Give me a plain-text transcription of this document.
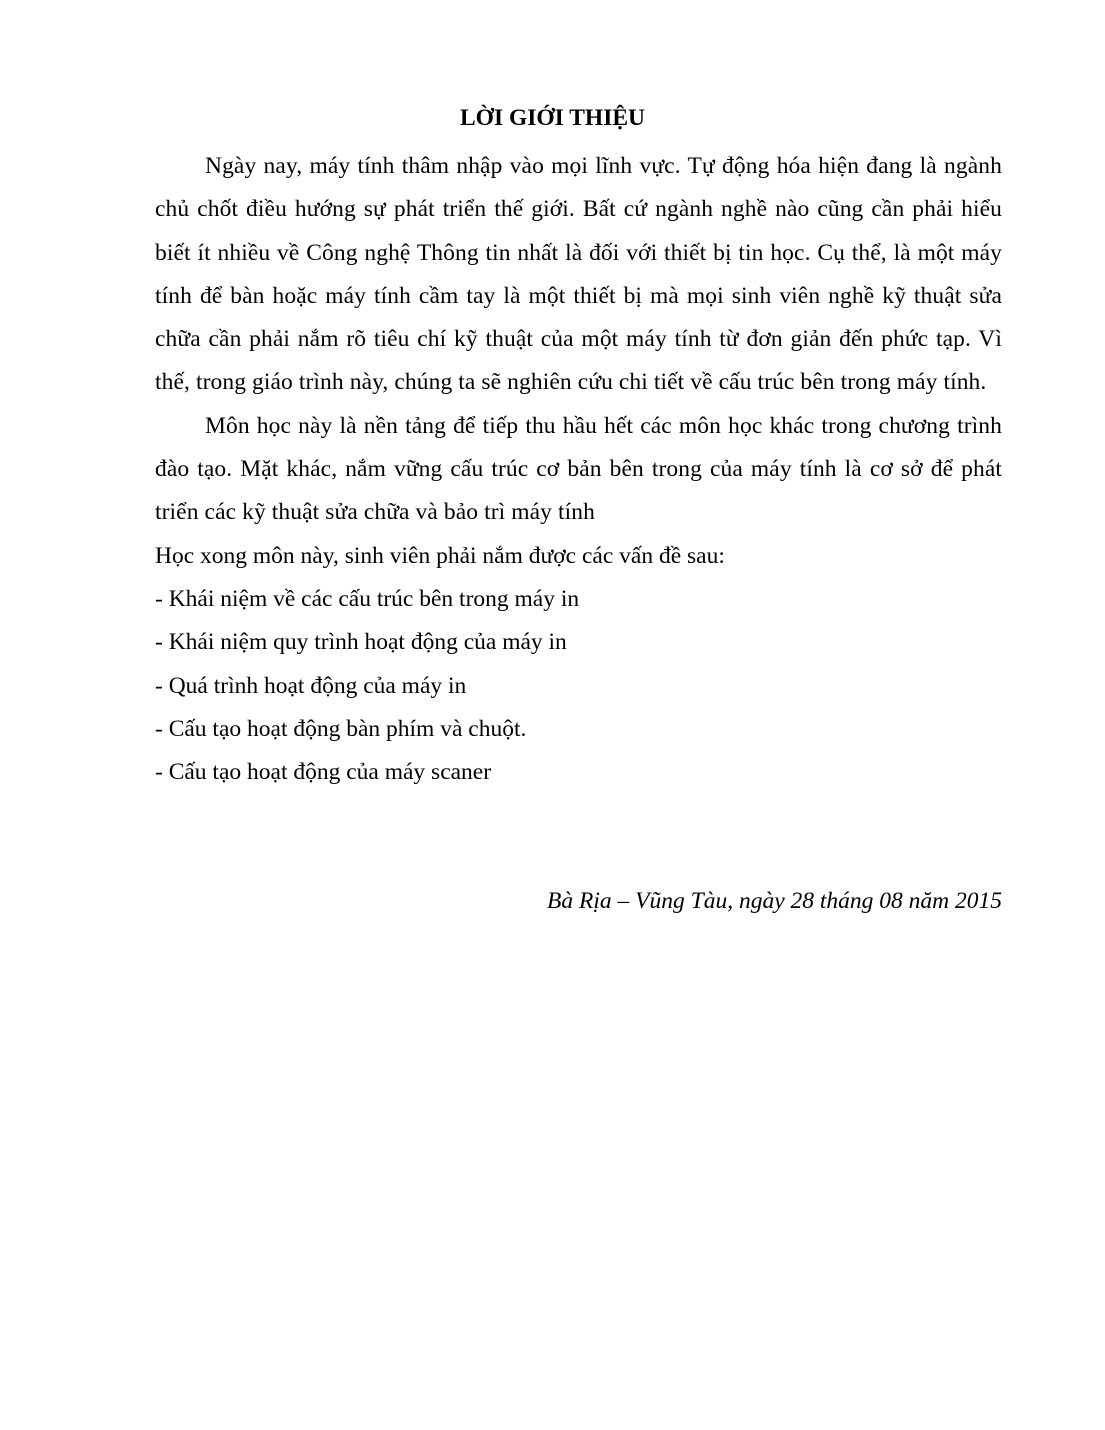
LỜI GIỚI THIỆU

Ngày nay, máy tính thâm nhập vào mọi lĩnh vực. Tự động hóa hiện đang là ngành chủ chốt điều hướng sự phát triển thế giới. Bất cứ ngành nghề nào cũng cần phải hiểu biết ít nhiều về Công nghệ Thông tin nhất là đối với thiết bị tin học. Cụ thể, là một máy tính để bàn hoặc máy tính cầm tay là một thiết bị mà mọi sinh viên nghề kỹ thuật sửa chữa cần phải nắm rõ tiêu chí kỹ thuật của một máy tính từ đơn giản đến phức tạp. Vì thế, trong giáo trình này, chúng ta sẽ nghiên cứu chi tiết về cấu trúc bên trong máy tính.

Môn học này là nền tảng để tiếp thu hầu hết các môn học khác trong chương trình đào tạo. Mặt khác, nắm vững cấu trúc cơ bản bên trong của máy tính là cơ sở để phát triển các kỹ thuật sửa chữa và bảo trì máy tính

Học xong môn này, sinh viên phải nắm được các vấn đề sau:

- Khái niệm về các cấu trúc bên trong máy in

- Khái niệm quy trình hoạt động của máy in

- Quá trình hoạt động của máy in

- Cấu tạo hoạt động bàn phím và chuột.

- Cấu tạo hoạt động của máy scaner

Bà Rịa – Vũng Tàu, ngày 28 tháng 08 năm 2015
